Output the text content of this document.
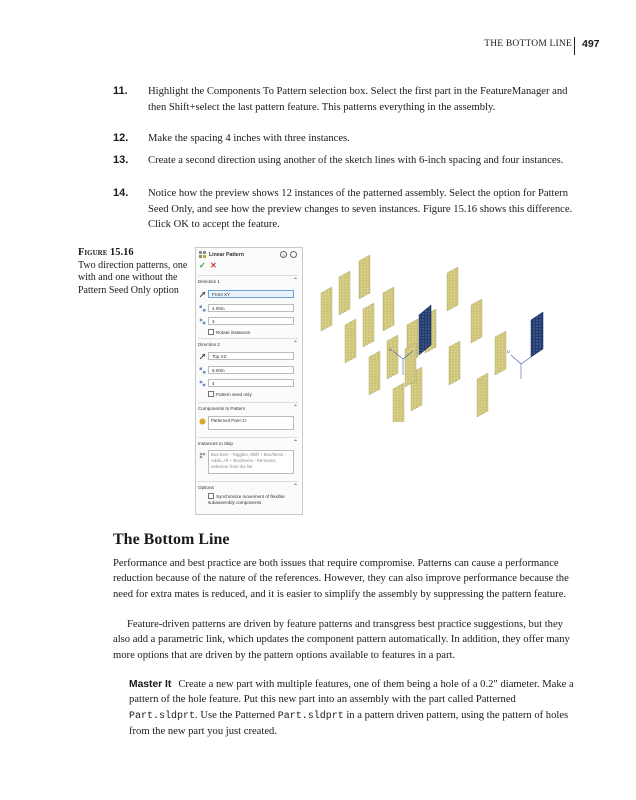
THE BOTTOM LINE 497
11. Highlight the Components To Pattern selection box. Select the first part in the FeatureManager and then Shift+select the last pattern feature. This patterns everything in the assembly.
12. Make the spacing 4 inches with three instances.
13. Create a second direction using another of the sketch lines with 6-inch spacing and four instances.
14. Notice how the preview shows 12 instances of the patterned assembly. Select the option for Pattern Seed Only, and see how the preview changes to seven instances. Figure 15.16 shows this difference. Click OK to accept the feature.
Figure 15.16
Two direction patterns, one with and one without the Pattern Seed Only option
Linear Pattern	?
✓ ✕
Direction 1	⌃
Front XY
4.00in
3
Rotate instances
Direction 2	⌃
Top XZ
6.00in
4
Pattern seed only
Components to Pattern	⌃
Patterned Part<1>
Instances to Skip	⌃
Box-Item - Toggles, Shift + Box/Items - Adds, Alt + Box/Items - Removes, selection from the list
Options	⌃
Synchronize movement of flexible subassembly components
D	D
The Bottom Line
Performance and best practice are both issues that require compromise. Patterns can cause a performance reduction because of the nature of the references. However, they can also improve performance because the need for extra mates is reduced, and it is easier to simplify the assembly by suppressing the pattern feature.
Feature-driven patterns are driven by feature patterns and transgress best practice suggestions, but they also add a parametric link, which updates the component pattern automatically. In addition, they offer many more options that are driven by the pattern options available to features in a part.
Master It Create a new part with multiple features, one of them being a hole of a 0.2″ diameter. Make a pattern of the hole feature. Put this new part into an assembly with the part called Patterned Part.sldprt. Use the Patterned Part.sldprt in a pattern driven pattern, using the pattern of holes from the new part you just created.
